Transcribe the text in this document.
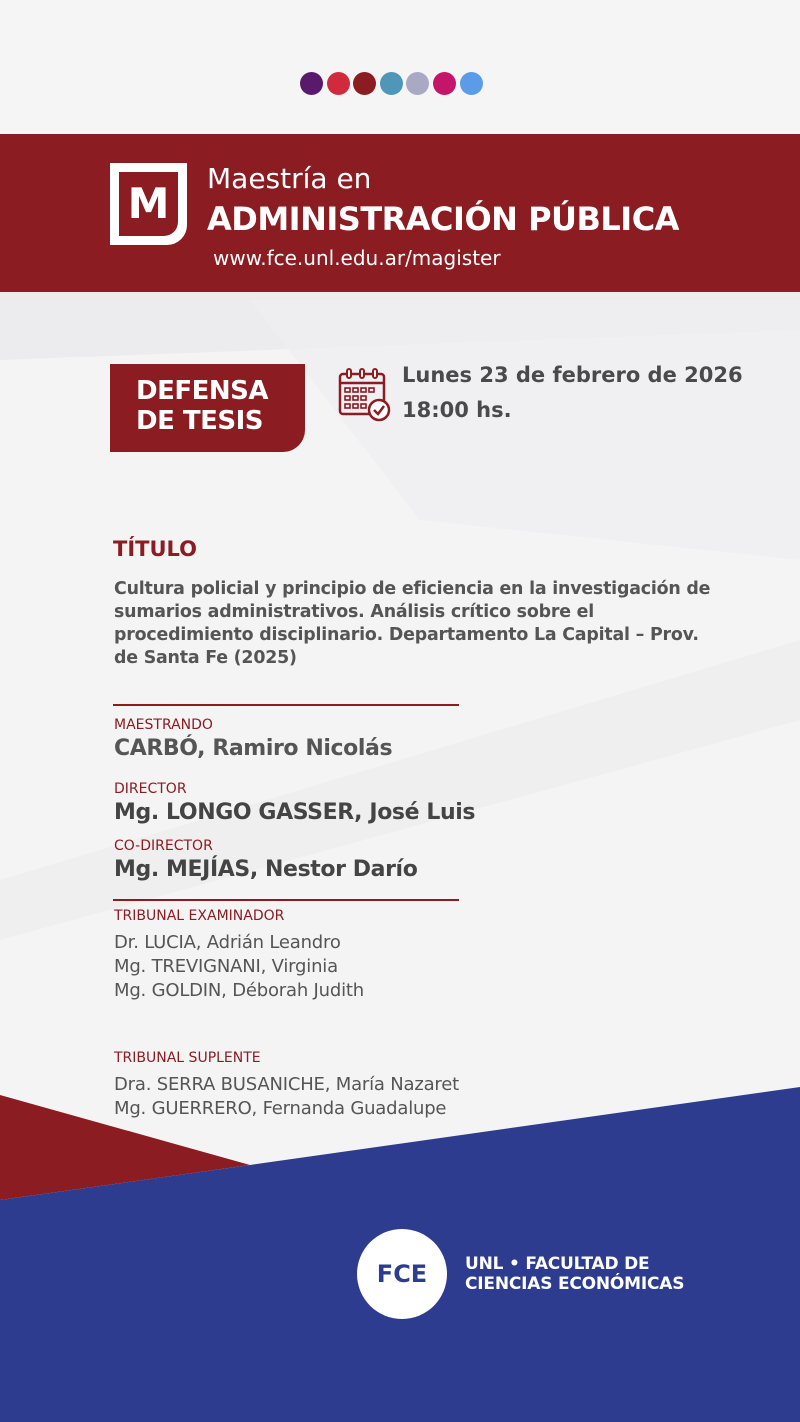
M
Maestría en
ADMINISTRACIÓN PÚBLICA
www.fce.unl.edu.ar/magister
DEFENSA
DE TESIS
Lunes 23 de febrero de 2026
18:00 hs.
TÍTULO
Cultura policial y principio de eficiencia en la investigación de
sumarios administrativos. Análisis crítico sobre el
procedimiento disciplinario. Departamento La Capital – Prov.
de Santa Fe (2025)
MAESTRANDO
CARBÓ, Ramiro Nicolás
DIRECTOR
Mg. LONGO GASSER, José Luis
CO-DIRECTOR
Mg. MEJÍAS, Nestor Darío
TRIBUNAL EXAMINADOR
Dr. LUCIA, Adrián Leandro
Mg. TREVIGNANI, Virginia
Mg. GOLDIN, Déborah Judith
TRIBUNAL SUPLENTE
Dra. SERRA BUSANICHE, María Nazaret
Mg. GUERRERO, Fernanda Guadalupe
FCE	UNL • FACULTAD DE
CIENCIAS ECONÓMICAS
